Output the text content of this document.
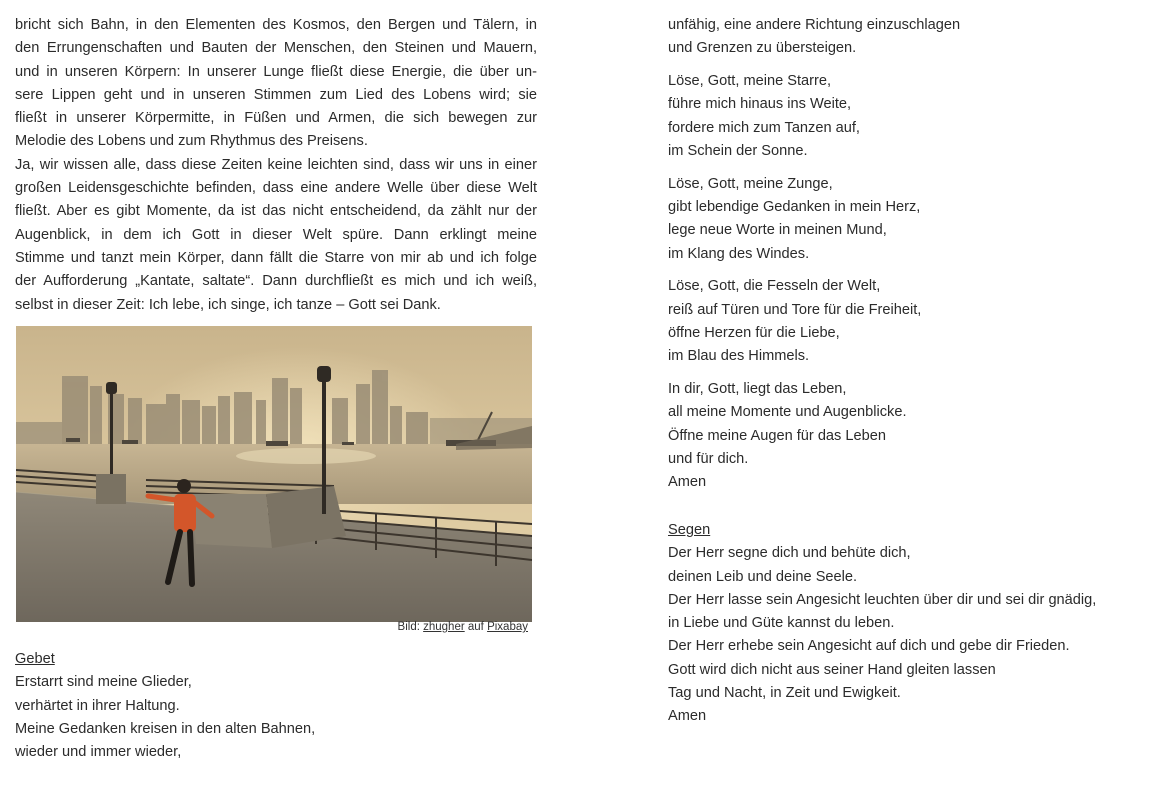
bricht sich Bahn, in den Elementen des Kosmos, den Bergen und Tälern, in
den Errungenschaften und Bauten der Menschen, den Steinen und Mauern,
und in unseren Körpern: In unserer Lunge fließt diese Energie, die über un-
sere Lippen geht und in unseren Stimmen zum Lied des Lobens wird; sie
fließt in unserer Körpermitte, in Füßen und Armen, die sich bewegen zur
Melodie des Lobens und zum Rhythmus des Preisens.
Ja, wir wissen alle, dass diese Zeiten keine leichten sind, dass wir uns in einer
großen Leidensgeschichte befinden, dass eine andere Welle über diese Welt
fließt. Aber es gibt Momente, da ist das nicht entscheidend, da zählt nur der
Augenblick, in dem ich Gott in dieser Welt spüre. Dann erklingt meine
Stimme und tanzt mein Körper, dann fällt die Starre von mir ab und ich folge
der Aufforderung „Kantate, saltate“. Dann durchfließt es mich und ich weiß,
selbst in dieser Zeit: Ich lebe, ich singe, ich tanze – Gott sei Dank.
Bild: zhugher auf Pixabay
Gebet
Erstarrt sind meine Glieder,
verhärtet in ihrer Haltung.
Meine Gedanken kreisen in den alten Bahnen,
wieder und immer wieder,
unfähig, eine andere Richtung einzuschlagen
und Grenzen zu übersteigen.
Löse, Gott, meine Starre,
führe mich hinaus ins Weite,
fordere mich zum Tanzen auf,
im Schein der Sonne.
Löse, Gott, meine Zunge,
gibt lebendige Gedanken in mein Herz,
lege neue Worte in meinen Mund,
im Klang des Windes.
Löse, Gott, die Fesseln der Welt,
reiß auf Türen und Tore für die Freiheit,
öffne Herzen für die Liebe,
im Blau des Himmels.
In dir, Gott, liegt das Leben,
all meine Momente und Augenblicke.
Öffne meine Augen für das Leben
und für dich.
Amen
Segen
Der Herr segne dich und behüte dich,
deinen Leib und deine Seele.
Der Herr lasse sein Angesicht leuchten über dir und sei dir gnädig,
in Liebe und Güte kannst du leben.
Der Herr erhebe sein Angesicht auf dich und gebe dir Frieden.
Gott wird dich nicht aus seiner Hand gleiten lassen
Tag und Nacht, in Zeit und Ewigkeit.
Amen
